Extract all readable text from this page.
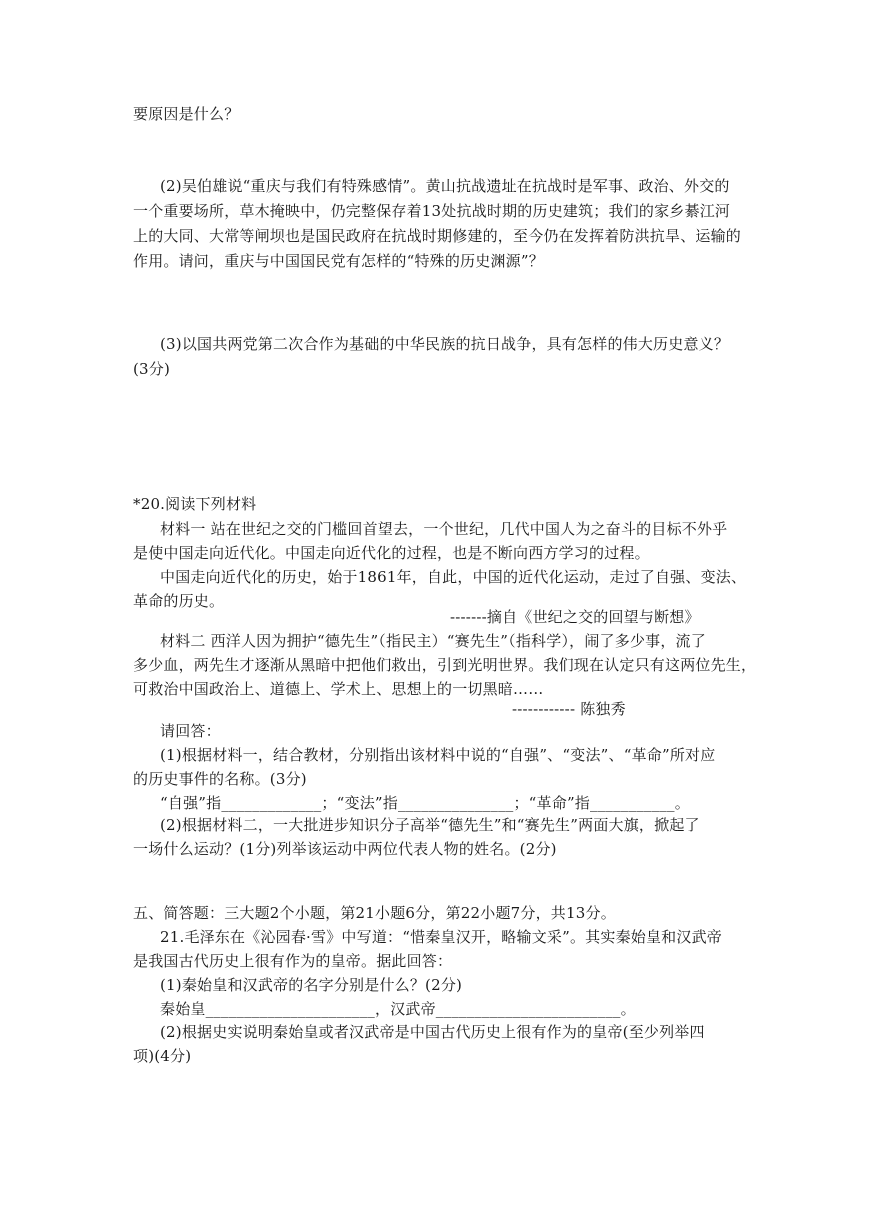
要原因是什么？
(2)吴伯雄说“重庆与我们有特殊感情”。黄山抗战遗址在抗战时是军事、政治、外交的
一个重要场所，草木掩映中，仍完整保存着13处抗战时期的历史建筑；我们的家乡綦江河
上的大同、大常等闸坝也是国民政府在抗战时期修建的，至今仍在发挥着防洪抗旱、运输的
作用。请问，重庆与中国国民党有怎样的“特殊的历史渊源”？
(3)以国共两党第二次合作为基础的中华民族的抗日战争，具有怎样的伟大历史意义？
(3分)
*20.阅读下列材料
材料一 站在世纪之交的门槛回首望去，一个世纪，几代中国人为之奋斗的目标不外乎
是使中国走向近代化。中国走向近代化的过程，也是不断向西方学习的过程。
中国走向近代化的历史，始于1861年，自此，中国的近代化运动，走过了自强、变法、
革命的历史。
-------摘自《世纪之交的回望与断想》
材料二 西洋人因为拥护“德先生”（指民主）“赛先生”（指科学），闹了多少事，流了
多少血，两先生才逐渐从黑暗中把他们救出，引到光明世界。我们现在认定只有这两位先生，
可救治中国政治上、道德上、学术上、思想上的一切黑暗……
------------ 陈独秀
请回答：
(1)根据材料一，结合教材，分别指出该材料中说的“自强”、“变法”、“革命”所对应
的历史事件的名称。(3分)
“自强”指_____________；“变法”指_______________；“革命”指___________。
(2)根据材料二，一大批进步知识分子高举“德先生”和“赛先生”两面大旗，掀起了
一场什么运动？(1分)列举该运动中两位代表人物的姓名。(2分)
五、简答题：三大题2个小题，第21小题6分，第22小题7分，共13分。
21.毛泽东在《沁园春·雪》中写道：“惜秦皇汉开，略输文采”。其实秦始皇和汉武帝
是我国古代历史上很有作为的皇帝。据此回答：
(1)秦始皇和汉武帝的名字分别是什么？(2分)
秦始皇______________________，汉武帝________________________。
(2)根据史实说明秦始皇或者汉武帝是中国古代历史上很有作为的皇帝(至少列举四
项)(4分)
